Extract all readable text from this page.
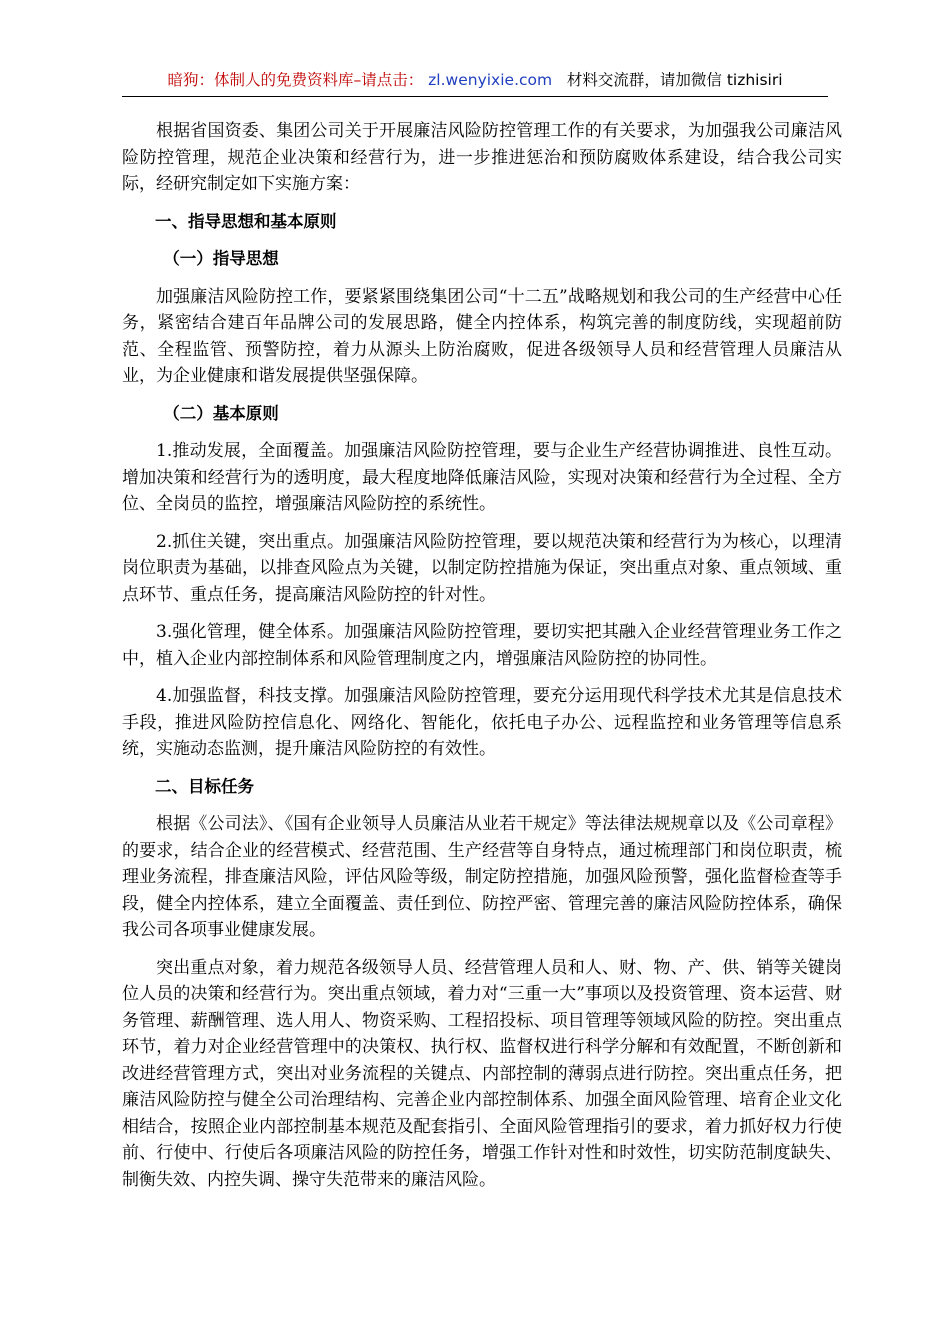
暗狗：体制人的免费资料库–请点击： zl.wenyixie.com 材料交流群，请加微信 tizhisiri

根据省国资委、集团公司关于开展廉洁风险防控管理工作的有关要求，为加强我公司廉洁风险防控管理，规范企业决策和经营行为，进一步推进惩治和预防腐败体系建设，结合我公司实际，经研究制定如下实施方案：

一、指导思想和基本原则

（一）指导思想

加强廉洁风险防控工作，要紧紧围绕集团公司“十二五”战略规划和我公司的生产经营中心任务，紧密结合建百年品牌公司的发展思路，健全内控体系，构筑完善的制度防线，实现超前防范、全程监管、预警防控，着力从源头上防治腐败，促进各级领导人员和经营管理人员廉洁从业，为企业健康和谐发展提供坚强保障。

（二）基本原则

1.推动发展，全面覆盖。加强廉洁风险防控管理，要与企业生产经营协调推进、良性互动。增加决策和经营行为的透明度，最大程度地降低廉洁风险，实现对决策和经营行为全过程、全方位、全岗员的监控，增强廉洁风险防控的系统性。

2.抓住关键，突出重点。加强廉洁风险防控管理，要以规范决策和经营行为为核心，以理清岗位职责为基础，以排查风险点为关键，以制定防控措施为保证，突出重点对象、重点领域、重点环节、重点任务，提高廉洁风险防控的针对性。

3.强化管理，健全体系。加强廉洁风险防控管理，要切实把其融入企业经营管理业务工作之中，植入企业内部控制体系和风险管理制度之内，增强廉洁风险防控的协同性。

4.加强监督，科技支撑。加强廉洁风险防控管理，要充分运用现代科学技术尤其是信息技术手段，推进风险防控信息化、网络化、智能化，依托电子办公、远程监控和业务管理等信息系统，实施动态监测，提升廉洁风险防控的有效性。

二、目标任务

根据《公司法》、《国有企业领导人员廉洁从业若干规定》等法律法规规章以及《公司章程》的要求，结合企业的经营模式、经营范围、生产经营等自身特点，通过梳理部门和岗位职责，梳理业务流程，排查廉洁风险，评估风险等级，制定防控措施，加强风险预警，强化监督检查等手段，健全内控体系，建立全面覆盖、责任到位、防控严密、管理完善的廉洁风险防控体系，确保我公司各项事业健康发展。

突出重点对象，着力规范各级领导人员、经营管理人员和人、财、物、产、供、销等关键岗位人员的决策和经营行为。突出重点领域，着力对“三重一大”事项以及投资管理、资本运营、财务管理、薪酬管理、选人用人、物资采购、工程招投标、项目管理等领域风险的防控。突出重点环节，着力对企业经营管理中的决策权、执行权、监督权进行科学分解和有效配置，不断创新和改进经营管理方式，突出对业务流程的关键点、内部控制的薄弱点进行防控。突出重点任务，把廉洁风险防控与健全公司治理结构、完善企业内部控制体系、加强全面风险管理、培育企业文化相结合，按照企业内部控制基本规范及配套指引、全面风险管理指引的要求，着力抓好权力行使前、行使中、行使后各项廉洁风险的防控任务，增强工作针对性和时效性，切实防范制度缺失、制衡失效、内控失调、操守失范带来的廉洁风险。
